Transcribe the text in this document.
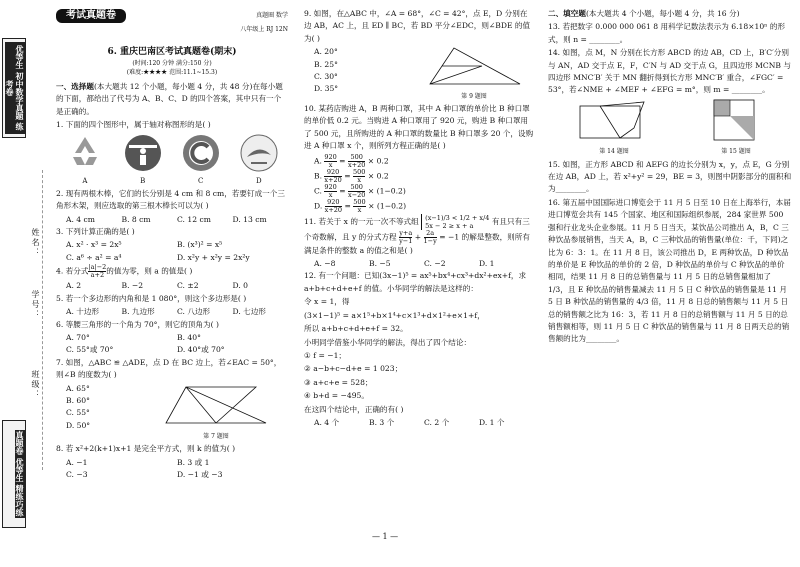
优等生 初中数学真题 练考卷
姓名：
学号：
班级：
真题卷 优等生 精练巧练
考试真题卷	真题圈 数学
八年级上 RJ 12N
6. 重庆巴南区考试真题卷(期末)
(时间:120 分钟 满分:150 分)
(难度:★★★★ 范围:11.1~15.3)
一、选择题(本大题共 12 个小题，每小题 4 分，共 48 分)在每小题的下面，都给出了代号为 A、B、C、D 的四个答案，其中只有一个是正确的。
1. 下面的四个图形中，属于轴对称图形的是( )
A	B	C	D
2. 现有两根木棒，它们的长分别是 4 cm 和 8 cm，若要钉成一个三角形木架，则应选取的第三根木棒长可以为( )
A. 4 cm	B. 8 cm	C. 12 cm	D. 13 cm
3. 下列计算正确的是( )
A. x² · x³ = 2x⁵	B. (x³)² = x⁵
C. a⁶ ÷ a² = a⁴	D. x²y + x²y = 2x²y
4. 若分式 $\frac{|a|-2}{a+2}$ 的值为零，则 a 的值是( )
A. 2	B. −2	C. ±2	D. 0
5. 若一个多边形的内角和是 1 080°，则这个多边形是( )
A. 十边形	B. 九边形	C. 八边形	D. 七边形
6. 等腰三角形的一个角为 70°，则它的顶角为( )
A. 70°	B. 40°
C. 55°或 70°	D. 40°或 70°
7. 如图，△ABC ≌ △ADE，点 D 在 BC 边上，若∠EAC = 50°，则∠B 的度数为( )
A. 65°
B. 60°
C. 55°
D. 50°
第 7 题图
8. 若 x²+2(k+1)x+1 是完全平方式，则 k 的值为( )
A. −1	B. 3 或 1
C. −3	D. −1 或 −3
9. 如图，在△ABC 中，∠A = 68°，∠C = 42°，点 E，D 分别在边 AB，AC 上，且 ED ∥ BC，若 BD 平分∠EDC，则∠BDE 的值为( )
A. 20°
B. 25°
C. 30°
D. 35°
第 9 题图
10. 某药店购进 A，B 两种口罩，其中 A 种口罩的单价比 B 种口罩的单价低 0.2 元。当购进 A 种口罩用了 920 元，购进 B 种口罩用了 500 元，且所购进的 A 种口罩的数量比 B 种口罩多 20 个，设购进 A 种口罩 x 个，则所列方程正确的是( )
A. $\frac{920}{x} = \frac{500}{x+20} \times 0.2$
B. $\frac{920}{x+20} = \frac{500}{x} \times 0.2$
C. $\frac{920}{x} = \frac{500}{x-20} \times (1-0.2)$
D. $\frac{920}{x+20} = \frac{500}{x} \times (1-0.2)$
11. 若关于 x 的一元一次不等式组 (x−1)/3 < 1/2 + x/4
5x − 2 ≥ x + a 有且只有三个奇数解，且 y 的分式方程 $\frac{y+a}{y-1} + \frac{2a}{1-y} = -1$ 的解是整数，则所有满足条件的整数 a 的值之和是( )
A. −8	B. −5	C. −2	D. 1
12. 有一个问题：已知(3x−1)⁵ = ax⁵+bx⁴+cx³+dx²+ex+f，求 a+b+c+d+e+f 的值。小华同学的解法是这样的：
令 x = 1，得
(3×1−1)⁵ = a×1⁵+b×1⁴+c×1³+d×1²+e×1+f，
所以 a+b+c+d+e+f = 32。
小明同学借鉴小华同学的解法，得出了四个结论：
① f = −1；
② a−b+c−d+e = 1 023；
③ a+c+e = 528；
④ b+d = −495。
在这四个结论中，正确的有( )
A. 4 个	B. 3 个	C. 2 个	D. 1 个
二、填空题(本大题共 4 个小题，每小题 4 分，共 16 分)
13. 若把数字 0.000 000 061 8 用科学记数法表示为 6.18×10ⁿ 的形式，则 n = ________。
14. 如图，点 M，N 分别在长方形 ABCD 的边 AB，CD 上，B′C′分别与 AN，AD 交于点 E，F，C′N 与 AD 交于点 G，且四边形 MCNB 与四边形 MNC′B′ 关于 MN 翻折得到长方形 MNC′B′ 重合，∠FGC′ = 53°，若∠NME + ∠MEF + ∠EFG = m°，则 m = ________。
第 14 题图	第 15 题图
15. 如图，正方形 ABCD 和 AEFG 的边长分别为 x，y，点 E，G 分别在边 AB，AD 上，若 x²+y² = 29，BE = 3，则图中阴影部分的面积和为________。
16. 第五届中国国际进口博览会于 11 月 5 日至 10 日在上海举行，本届进口博览会共有 145 个国家、地区和国际组织参展，284 家世界 500 强和行业龙头企业参展。11 月 5 日当天，某饮品公司推出 A，B，C 三种饮品参展销售，当天 A，B，C 三种饮品的销售量(单位：千，下同)之比为 6：3：1。在 11 月 8 日，该公司推出 D，E 两种饮品，D 种饮品的单价是 E 种饮品的单价的 2 倍，D 种饮品的单价与 C 种饮品的单价相同，结果 11 月 8 日的总销售量与 11 月 5 日的总销售量相加了 1/3，且 E 种饮品的销售量减去 11 月 5 日 C 种饮品的销售量是 11 月 5 日 B 种饮品的销售量的 4/3 倍，11 月 8 日总的销售额与 11 月 5 日总的销售额之比为 16：3，若 11 月 8 日的总销售额与 11 月 5 日的总销售额相等，则 11 月 5 日 C 种饮品的销售量与 11 月 8 日两天总的销售额的比为________。
— 1 —
